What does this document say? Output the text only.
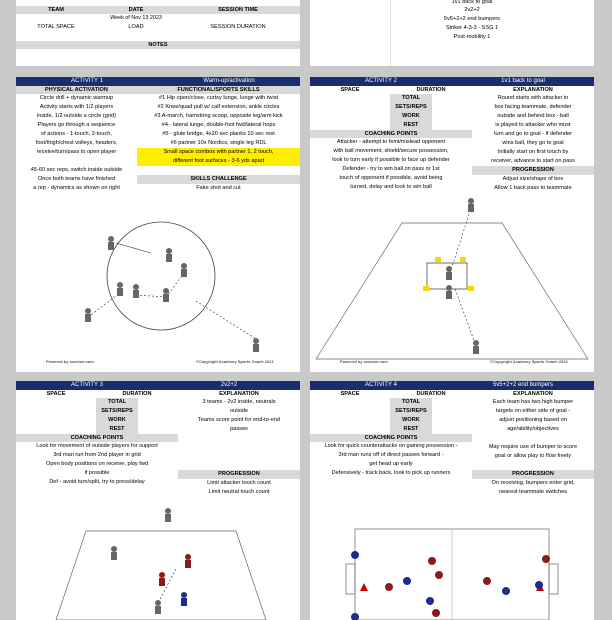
TEAM	DATE	SESSION TIME
Week of Nov 13 2023
TOTAL SPACE	LOAD	SESSION DURATION
NOTES
1v1 back to goal
2v2+2
5v5+2+2 end bumpers
Striker 4-3-3 - SSG 1
Post-mobility 1
ACTIVITY 1	Warm-up/activation
PHYSICAL ACTIVATION	FUNCTIONAL/SPORTS SKILLS
Circle drill + dynamic warmup
Activity starts with 1/2 players
inside, 1/2 outside a circle (grid)
Players go through a sequence
of actions - 1-touch, 2-touch,
foot/thigh/chest volleys, headers,
receive/turn/pass to open player
45-60 sec reps, switch inside outside
Once both teams have finished
a rep - dynamics as shown on right
#1 Hip open/close, curtsy lunge, lunge with twist
#2 Knee/quad pull w/ calf extension, ankle circles
#3 A-march, hamstring scoop, opposite leg/arm kick
#4 - lateral lunge, double-foot fwd/lateral hops
#5 - glute bridge, 4x20 sec planks 10 sec rest
#6 partner 10x Nordics, single leg RDL
Small space combos with partner 1, 2 touch,
different foot surfaces - 3-6 yds apart
SKILLS CHALLENGE
Fake shot and cut
Powered by session.com	©Copyright Academy Sports Coach 2021
ACTIVITY 2	1v1 back to goal
SPACE	DURATION	EXPLANATION
TOTAL
SETS/REPS
WORK
REST
COACHING POINTS
Attacker - attempt to feint/mislead opponent
with ball movement, shield/secure possession,
look to turn early if possible to face up defender
Defender - try to win ball on pass or 1st
touch of opponent if possible, avoid being
turned, delay and look to win ball
Round starts with attacker in
box facing teammate, defender
outside and behind box - ball
is played to attacker who must
turn and go to goal - if defender
wins ball, they go to goal
Initially start on first touch by
receiver, advance to start on pass
PROGRESSION
Adjust size/shape of box
Allow 1 back pass to teammate
Powered by session.com	©Copyright Academy Sports Coach 2022
ACTIVITY 3	2v2+2
SPACE	DURATION	EXPLANATION
TOTAL
SETS/REPS
WORK
REST
COACHING POINTS
Look for movement of outside players for support
3rd man run from 2nd player in grid
Open body positions on receive, play fwd
if possible
Def - avoid turn/split, try to press/delay
3 teams - 2v2 inside, neutrals
outside
Teams score point for end-to-end
passes
PROGRESSION
Limit attacker touch count
Limit neutral touch count
ACTIVITY 4	5v5+2+2 end bumpers
SPACE	DURATION	EXPLANATION
TOTAL
SETS/REPS
WORK
REST
COACHING POINTS
Look for quick counterattacks on gaining possession -
3rd man runs off of direct passes forward -
get head up early
Defensively - track back, look to pick up runners
Each team has two high bumper
targets on either side of goal -
adjust positioning based on
age/ability/objectives
May require use of bumper to score
goal or allow play to flow freely
PROGRESSION
On receiving, bumpers enter grid,
nearest teammate switches
